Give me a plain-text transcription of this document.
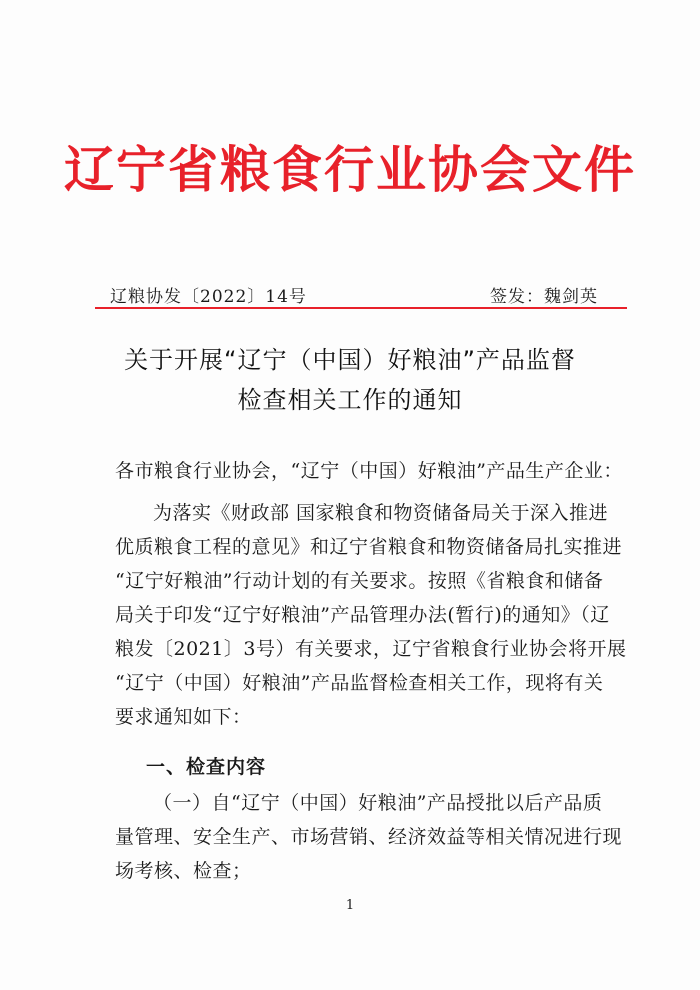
辽宁省粮食行业协会文件
辽粮协发〔2022〕14号	签发：魏剑英
关于开展“辽宁（中国）好粮油”产品监督
检查相关工作的通知
各市粮食行业协会，“辽宁（中国）好粮油”产品生产企业：
为落实《财政部 国家粮食和物资储备局关于深入推进
优质粮食工程的意见》和辽宁省粮食和物资储备局扎实推进
“辽宁好粮油”行动计划的有关要求。按照《省粮食和储备
局关于印发“辽宁好粮油”产品管理办法(暂行)的通知》（辽
粮发〔2021〕3号）有关要求，辽宁省粮食行业协会将开展
“辽宁（中国）好粮油”产品监督检查相关工作，现将有关
要求通知如下：
一、检查内容
（一）自“辽宁（中国）好粮油”产品授批以后产品质
量管理、安全生产、市场营销、经济效益等相关情况进行现
场考核、检查；
1
